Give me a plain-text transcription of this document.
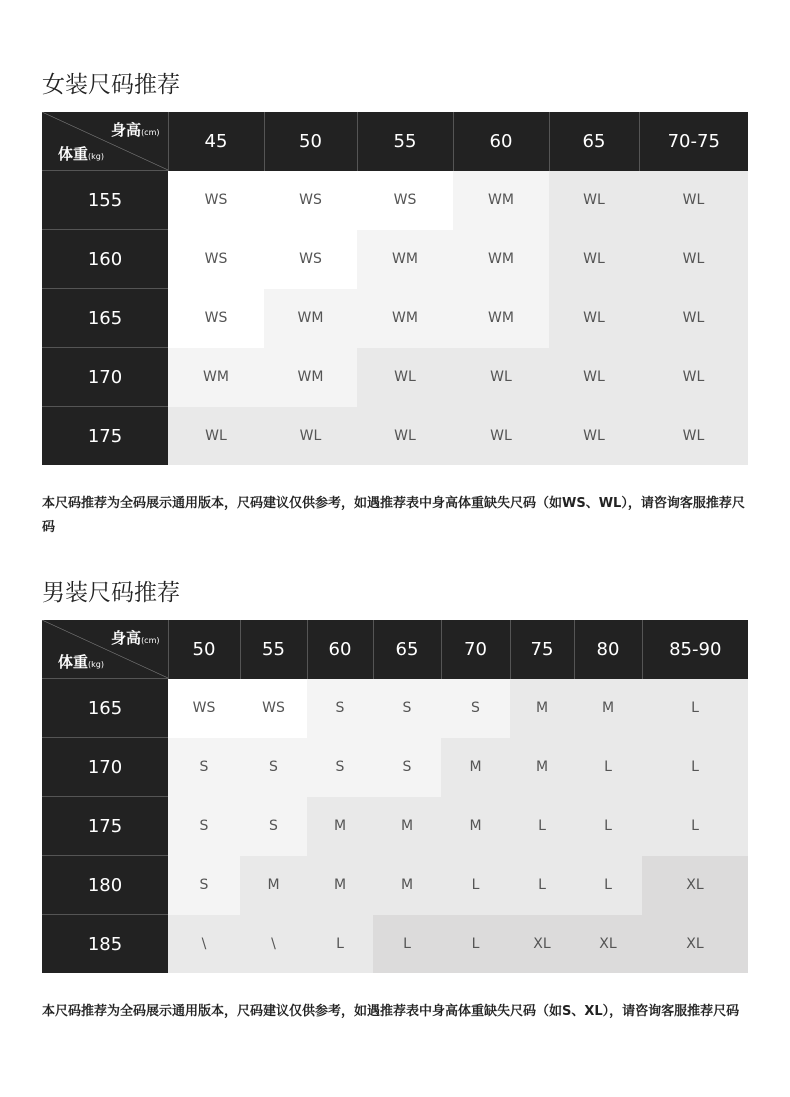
女装尺码推荐
身高(cm)
体重(kg)	45	50	55	60	65	70-75
155	WS	WS	WS	WM	WL	WL
160	WS	WS	WM	WM	WL	WL
165	WS	WM	WM	WM	WL	WL
170	WM	WM	WL	WL	WL	WL
175	WL	WL	WL	WL	WL	WL
本尺码推荐为全码展示通用版本，尺码建议仅供参考，如遇推荐表中身高体重缺失尺码（如WS、WL），请咨询客服推荐尺码
男装尺码推荐
身高(cm)
体重(kg)	50	55	60	65	70	75	80	85-90
165	WS	WS	S	S	S	M	M	L
170	S	S	S	S	M	M	L	L
175	S	S	M	M	M	L	L	L
180	S	M	M	M	L	L	L	XL
185	\	\	L	L	L	XL	XL	XL
本尺码推荐为全码展示通用版本，尺码建议仅供参考，如遇推荐表中身高体重缺失尺码（如S、XL），请咨询客服推荐尺码
